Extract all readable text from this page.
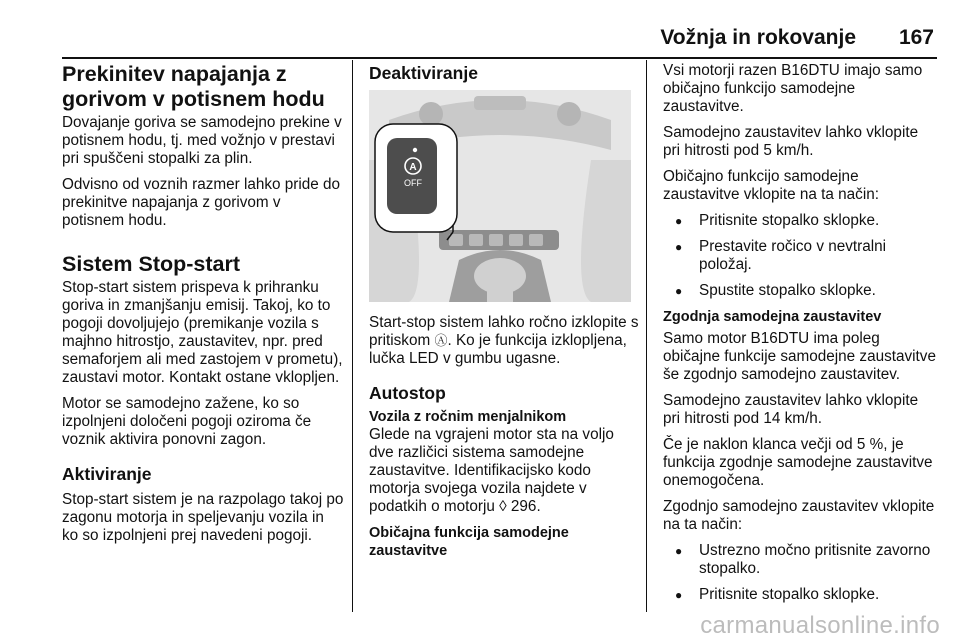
Vožnja in rokovanje	167
Prekinitev napajanja z gorivom v potisnem hodu

Dovajanje goriva se samodejno prekine v potisnem hodu, tj. med vožnjo v prestavi pri spuščeni stopalki za plin.

Odvisno od voznih razmer lahko pride do prekinitve napajanja z gorivom v potisnem hodu.

Sistem Stop-start

Stop-start sistem prispeva k prihranku goriva in zmanjšanju emisij. Takoj, ko to pogoji dovoljujejo (premikanje vozila s majhno hitrostjo, zaustavitev, npr. pred semaforjem ali med zastojem v prometu), zaustavi motor. Kontakt ostane vklopljen.

Motor se samodejno zažene, ko so izpolnjeni določeni pogoji oziroma če voznik aktivira ponovni zagon.

Aktiviranje

Stop-start sistem je na razpolago takoj po zagonu motorja in speljevanju vozila in ko so izpolnjeni prej navedeni pogoji.

Deaktiviranje
A
OFF

Start-stop sistem lahko ročno izklopite s pritiskom Ⓐ. Ko je funkcija izklopljena, lučka LED v gumbu ugasne.

Autostop
Vozila z ročnim menjalnikom

Glede na vgrajeni motor sta na voljo dve različici sistema samodejne zaustavitve. Identifikacijsko kodo motorja svojega vozila najdete v podatkih o motorju ◊ 296.

Običajna funkcija samodejne zaustavitve

Vsi motorji razen B16DTU imajo samo običajno funkcijo samodejne zaustavitve.

Samodejno zaustavitev lahko vklopite pri hitrosti pod 5 km/h.

Običajno funkcijo samodejne zaustavitve vklopite na ta način:

● Pritisnite stopalko sklopke.
● Prestavite ročico v nevtralni položaj.
● Spustite stopalko sklopke.
Zgodnja samodejna zaustavitev

Samo motor B16DTU ima poleg običajne funkcije samodejne zaustavitve še zgodnjo samodejno zaustavitev.

Samodejno zaustavitev lahko vklopite pri hitrosti pod 14 km/h.

Če je naklon klanca večji od 5 %, je funkcija zgodnje samodejne zaustavitve onemogočena.

Zgodnjo samodejno zaustavitev vklopite na ta način:

● Ustrezno močno pritisnite zavorno stopalko.
● Pritisnite stopalko sklopke.
carmanualsonline.info
